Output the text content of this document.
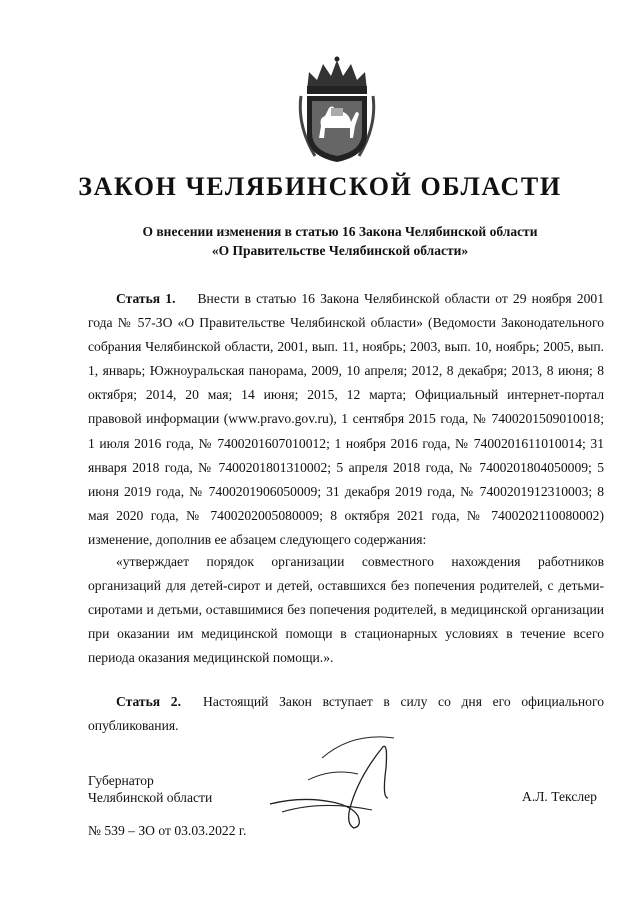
ЗАКОН ЧЕЛЯБИНСКОЙ ОБЛАСТИ
О внесении изменения в статью 16 Закона Челябинской области
«О Правительстве Челябинской области»
Статья 1. Внести в статью 16 Закона Челябинской области от 29 ноября 2001 года № 57-ЗО «О Правительстве Челябинской области» (Ведомости Законодательного собрания Челябинской области, 2001, вып. 11, ноябрь; 2003, вып. 10, ноябрь; 2005, вып. 1, январь; Южноуральская панорама, 2009, 10 апреля; 2012, 8 декабря; 2013, 8 июня; 8 октября; 2014, 20 мая; 14 июня; 2015, 12 марта; Официальный интернет-портал правовой информации (www.pravo.gov.ru), 1 сентября 2015 года, № 7400201509010018; 1 июля 2016 года, № 7400201607010012; 1 ноября 2016 года, № 7400201611010014; 31 января 2018 года, № 7400201801310002; 5 апреля 2018 года, № 7400201804050009; 5 июня 2019 года, № 7400201906050009; 31 декабря 2019 года, № 7400201912310003; 8 мая 2020 года, № 7400202005080009; 8 октября 2021 года, № 7400202110080002) изменение, дополнив ее абзацем следующего содержания:
«утверждает порядок организации совместного нахождения работников организаций для детей-сирот и детей, оставшихся без попечения родителей, с детьми-сиротами и детьми, оставшимися без попечения родителей, в медицинской организации при оказании им медицинской помощи в стационарных условиях в течение всего периода оказания медицинской помощи.».
Статья 2. Настоящий Закон вступает в силу со дня его официального опубликования.
Губернатор
Челябинской области	А.Л. Текслер
№ 539 – ЗО от 03.03.2022 г.
